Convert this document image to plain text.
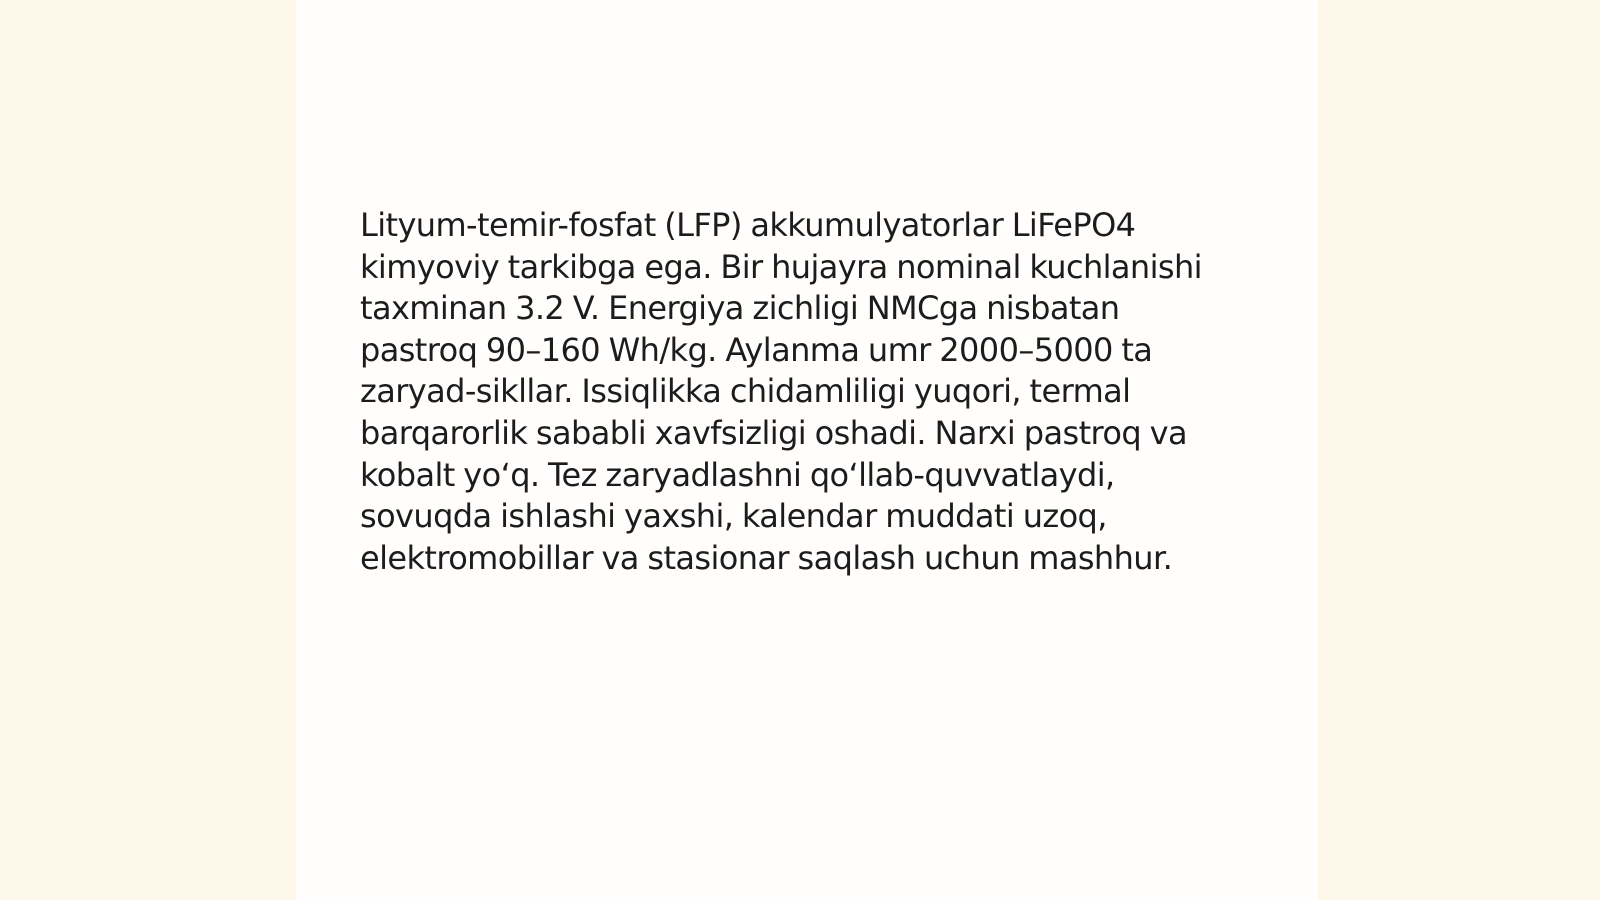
Lityum-temir-fosfat (LFP) akkumulyatorlar LiFePO4 kimyoviy tarkibga ega. Bir hujayra nominal kuchlanishi taxminan 3.2 V. Energiya zichligi NMCga nisbatan pastroq 90–160 Wh/kg. Aylanma umr 2000–5000 ta zaryad-sikllar. Issiqlikka chidamliligi yuqori, termal barqarorlik sababli xavfsizligi oshadi. Narxi pastroq va kobalt yo‘q. Tez zaryadlashni qo‘llab-quvvatlaydi, sovuqda ishlashi yaxshi, kalendar muddati uzoq, elektromobillar va stasionar saqlash uchun mashhur.
